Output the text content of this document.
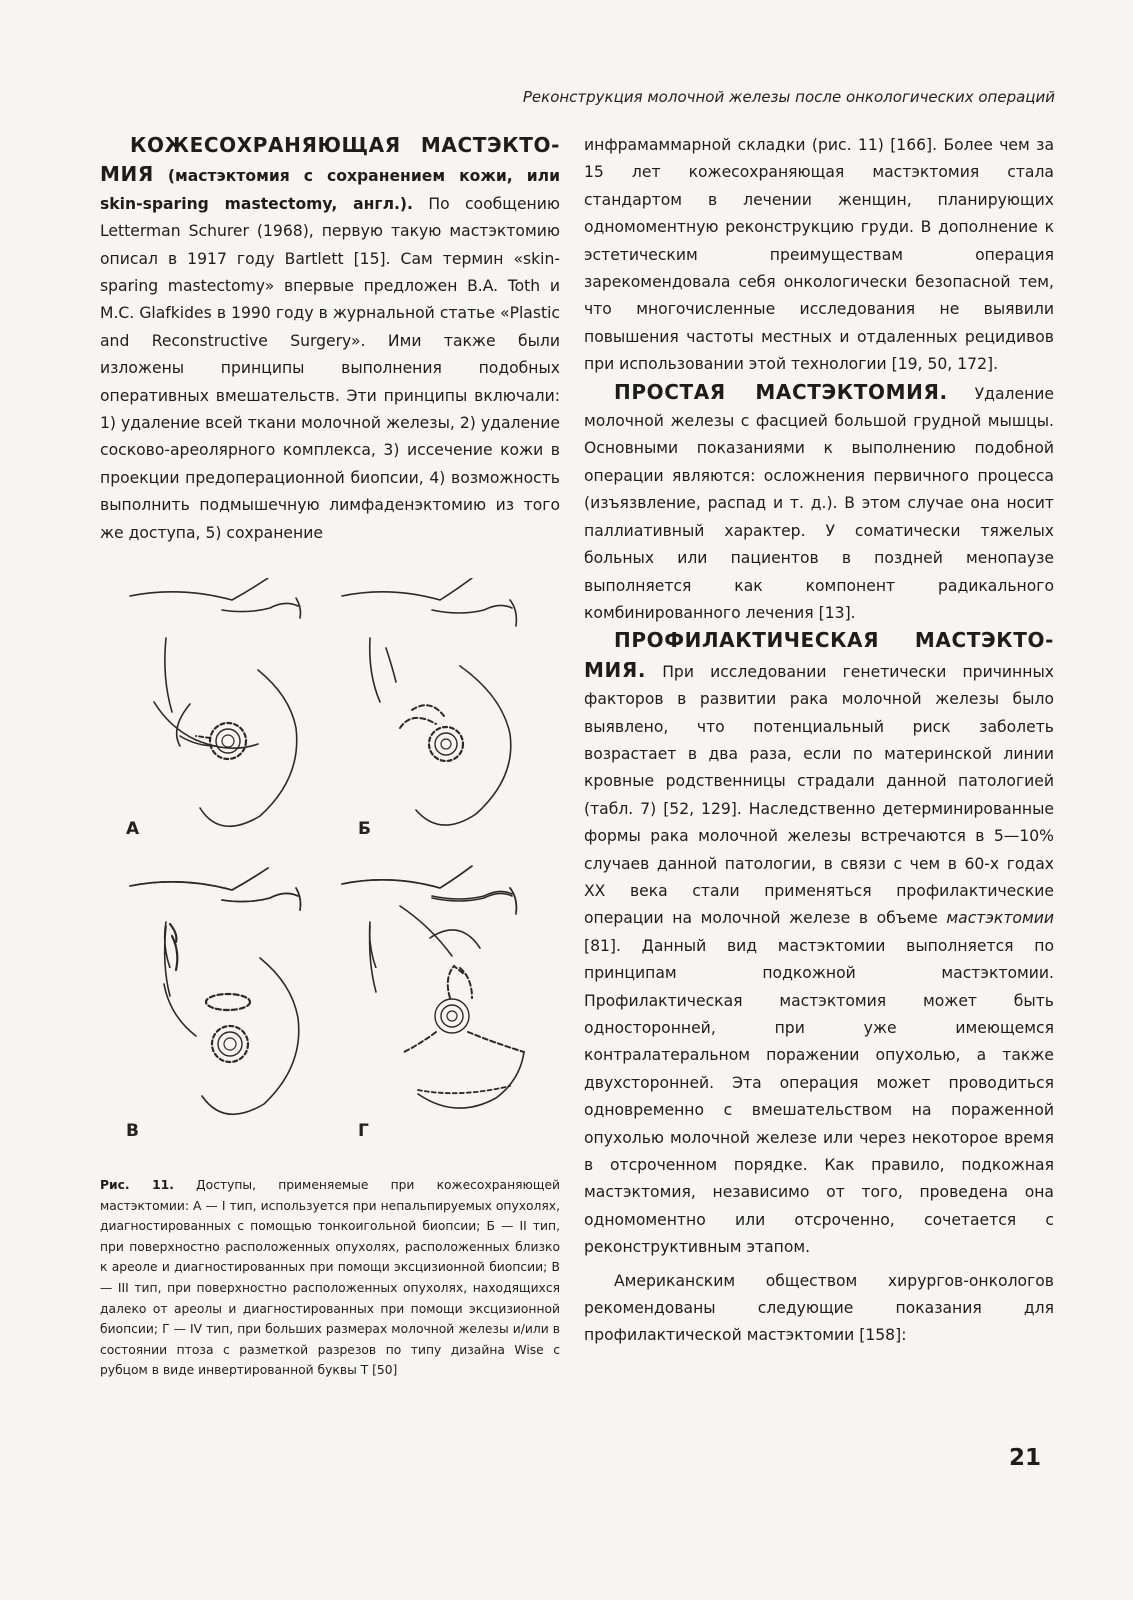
Реконструкция молочной железы после онкологических операций

КОЖЕСОХРАНЯЮЩАЯ МАСТЭКТО-МИЯ (мастэктомия с сохранением кожи, или skin-sparing mastectomy, англ.). По сообщению Letterman Schurer (1968), первую такую мастэктомию описал в 1917 году Bartlett [15]. Сам термин «skin-sparing mastectomy» впервые предложен B.A. Toth и M.C. Glafkides в 1990 году в журнальной статье «Plastic and Reconstructive Surgery». Ими также были изложены принципы выполнения подобных оперативных вмешательств. Эти принципы включали: 1) удаление всей ткани молочной железы, 2) удаление сосково-ареолярного комплекса, 3) иссечение кожи в проекции предоперационной биопсии, 4) возможность выполнить подмышечную лимфаденэктомию из того же доступа, 5) сохранение

А	Б
В	Г
Рис. 11. Доступы, применяемые при кожесохраняющей мастэктомии: А — I тип, используется при непальпируемых опухолях, диагностированных с помощью тонкоигольной биопсии; Б — II тип, при поверхностно расположенных опухолях, расположенных близко к ареоле и диагностированных при помощи эксцизионной биопсии; В — III тип, при поверхностно расположенных опухолях, находящихся далеко от ареолы и диагностированных при помощи эксцизионной биопсии; Г — IV тип, при больших размерах молочной железы и/или в состоянии птоза с разметкой разрезов по типу дизайна Wise с рубцом в виде инвертированной буквы T [50]

инфрамаммарной складки (рис. 11) [166]. Более чем за 15 лет кожесохраняющая мастэктомия стала стандартом в лечении женщин, планирующих одномоментную реконструкцию груди. В дополнение к эстетическим преимуществам операция зарекомендовала себя онкологически безопасной тем, что многочисленные исследования не выявили повышения частоты местных и отдаленных рецидивов при использовании этой технологии [19, 50, 172].

ПРОСТАЯ МАСТЭКТОМИЯ. Удаление молочной железы с фасцией большой грудной мышцы. Основными показаниями к выполнению подобной операции являются: осложнения первичного процесса (изъязвление, распад и т. д.). В этом случае она носит паллиативный характер. У соматически тяжелых больных или пациентов в поздней менопаузе выполняется как компонент радикального комбинированного лечения [13].

ПРОФИЛАКТИЧЕСКАЯ МАСТЭКТО-МИЯ. При исследовании генетически причинных факторов в развитии рака молочной железы было выявлено, что потенциальный риск заболеть возрастает в два раза, если по материнской линии кровные родственницы страдали данной патологией (табл. 7) [52, 129]. Наследственно детерминированные формы рака молочной железы встречаются в 5—10% случаев данной патологии, в связи с чем в 60-х годах XX века стали применяться профилактические операции на молочной железе в объеме мастэктомии [81]. Данный вид мастэктомии выполняется по принципам подкожной мастэктомии. Профилактическая мастэктомия может быть односторонней, при уже имеющемся контралатеральном поражении опухолью, а также двухсторонней. Эта операция может проводиться одновременно с вмешательством на пораженной опухолью молочной железе или через некоторое время в отсроченном порядке. Как правило, подкожная мастэктомия, независимо от того, проведена она одномоментно или отсроченно, сочетается с реконструктивным этапом.

Американским обществом хирургов-онкологов рекомендованы следующие показания для профилактической мастэктомии [158]:

21
